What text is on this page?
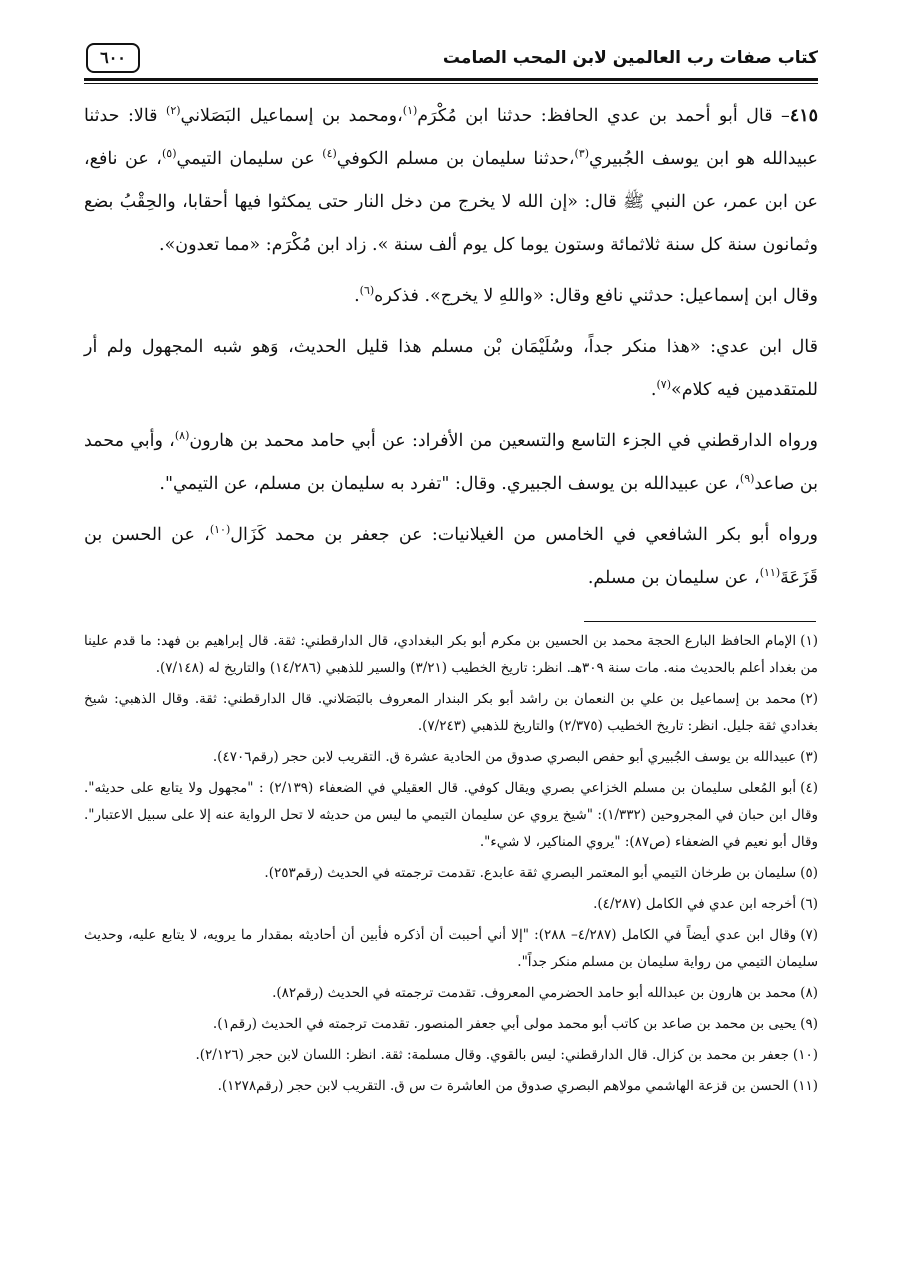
كتاب صفات رب العالمين لابن المحب الصامت
٦٠٠

٤١٥– قال أبو أحمد بن عدي الحافظ: حدثنا ابن مُكْرَم$^{(١)}$،ومحمد بن إسماعيل البَصَلاني$^{(٢)}$ قالا: حدثنا عبيدالله هو ابن يوسف الجُبيري$^{(٣)}$،حدثنا سليمان بن مسلم الكوفي$^{(٤)}$ عن سليمان التيمي$^{(٥)}$، عن نافع، عن ابن عمر، عن النبي ﷺ قال: «إن الله لا يخرج من دخل النار حتى يمكثوا فيها أحقابا، والحِقْبُ بضع وثمانون سنة كل سنة ثلاثمائة وستون يوما كل يوم ألف سنة ». زاد ابن مُكْرَم: «مما تعدون».

وقال ابن إسماعيل: حدثني نافع وقال: «واللهِ لا يخرج». فذكره$^{(٦)}$.

قال ابن عدي: «هذا منكر جداً، وسُلَيْمَان بْن مسلم هذا قليل الحديث، وَهو شبه المجهول ولم أر للمتقدمين فيه كلام»$^{(٧)}$.

ورواه الدارقطني في الجزء التاسع والتسعين من الأفراد: عن أبي حامد محمد بن هارون$^{(٨)}$، وأبي محمد بن صاعد$^{(٩)}$، عن عبيدالله بن يوسف الجبيري. وقال: "تفرد به سليمان بن مسلم، عن التيمي".

ورواه أبو بكر الشافعي في الخامس من الغيلانيات: عن جعفر بن محمد كَزَال$^{(١٠)}$، عن الحسن بن قَزَعَةَ$^{(١١)}$، عن سليمان بن مسلم.

(١)الإمام الحافظ البارع الحجة محمد بن الحسين بن مكرم أبو بكر البغدادي، قال الدارقطني: ثقة. قال إبراهيم بن فهد: ما قدم علينا من بغداد أعلم بالحديث منه. مات سنة ٣٠٩هـ. انظر: تاريخ الخطيب (٣/٢١) والسير للذهبي (١٤/٢٨٦) والتاريخ له (٧/١٤٨).

(٢)محمد بن إسماعيل بن علي بن النعمان بن راشد أبو بكر البندار المعروف بالبَصَلاني. قال الدارقطني: ثقة. وقال الذهبي: شيخ بغدادي ثقة جليل. انظر: تاريخ الخطيب (٢/٣٧٥) والتاريخ للذهبي (٧/٢٤٣).

(٣)عبيدالله بن يوسف الجُبيري أبو حفص البصري صدوق من الحادية عشرة ق. التقريب لابن حجر (رقم٤٧٠٦).

(٤)أبو المُعلى سليمان بن مسلم الخزاعي بصري ويقال كوفي. قال العقيلي في الضعفاء (٢/١٣٩) : "مجهول ولا يتابع على حديثه". وقال ابن حبان في المجروحين (١/٣٣٢): "شيخ يروي عن سليمان التيمي ما ليس من حديثه لا تحل الرواية عنه إلا على سبيل الاعتبار". وقال أبو نعيم في الضعفاء (ص٨٧): "يروي المناكير، لا شيء".

(٥)سليمان بن طرخان التيمي أبو المعتمر البصري ثقة عابدع. تقدمت ترجمته في الحديث (رقم٢٥٣).

(٦)أخرجه ابن عدي في الكامل (٤/٢٨٧).

(٧)وقال ابن عدي أيضاً في الكامل (٤/٢٨٧– ٢٨٨): "إلا أني أحببت أن أذكره فأبين أن أحاديثه بمقدار ما يرويه، لا يتابع عليه، وحديث سليمان التيمي من رواية سليمان بن مسلم منكر جداً".

(٨)محمد بن هارون بن عبدالله أبو حامد الحضرمي المعروف. تقدمت ترجمته في الحديث (رقم٨٢).

(٩)يحيى بن محمد بن صاعد بن كاتب أبو محمد مولى أبي جعفر المنصور. تقدمت ترجمته في الحديث (رقم١).

(١٠)جعفر بن محمد بن كزال. قال الدارقطني: ليس بالقوي. وقال مسلمة: ثقة. انظر: اللسان لابن حجر (٢/١٢٦).

(١١)الحسن بن قزعة الهاشمي مولاهم البصري صدوق من العاشرة ت س ق. التقريب لابن حجر (رقم١٢٧٨).
